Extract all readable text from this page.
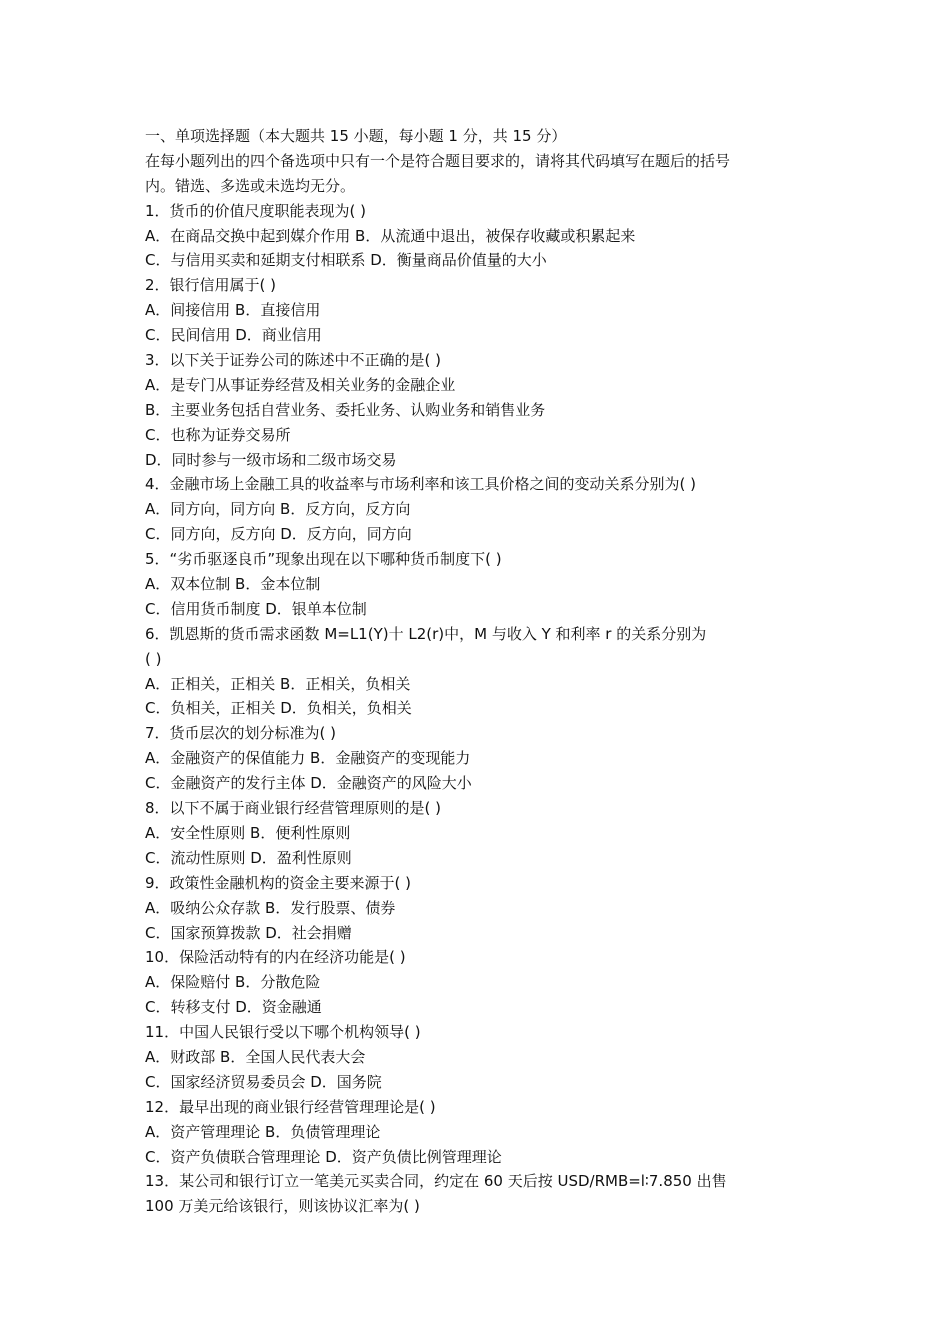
一、单项选择题（本大题共 15 小题，每小题 1 分，共 15 分）
在每小题列出的四个备选项中只有一个是符合题目要求的，请将其代码填写在题后的括号
内。错选、多选或未选均无分。
1．货币的价值尺度职能表现为( )
A．在商品交换中起到媒介作用 B．从流通中退出，被保存收藏或积累起来
C．与信用买卖和延期支付相联系 D．衡量商品价值量的大小
2．银行信用属于( )
A．间接信用 B．直接信用
C．民间信用 D．商业信用
3．以下关于证券公司的陈述中不正确的是( )
A．是专门从事证券经营及相关业务的金融企业
B．主要业务包括自营业务、委托业务、认购业务和销售业务
C．也称为证券交易所
D．同时参与一级市场和二级市场交易
4．金融市场上金融工具的收益率与市场利率和该工具价格之间的变动关系分别为( )
A．同方向，同方向 B．反方向，反方向
C．同方向，反方向 D．反方向，同方向
5．“劣币驱逐良币”现象出现在以下哪种货币制度下( )
A．双本位制 B．金本位制
C．信用货币制度 D．银单本位制
6．凯恩斯的货币需求函数 M=L1(Y)十 L2(r)中，M 与收入 Y 和利率 r 的关系分别为
( )
A．正相关，正相关 B．正相关，负相关
C．负相关，正相关 D．负相关，负相关
7．货币层次的划分标准为( )
A．金融资产的保值能力 B．金融资产的变现能力
C．金融资产的发行主体 D．金融资产的风险大小
8．以下不属于商业银行经营管理原则的是( )
A．安全性原则 B．便利性原则
C．流动性原则 D．盈利性原则
9．政策性金融机构的资金主要来源于( )
A．吸纳公众存款 B．发行股票、债券
C．国家预算拨款 D．社会捐赠
10．保险活动特有的内在经济功能是( )
A．保险赔付 B．分散危险
C．转移支付 D．资金融通
11．中国人民银行受以下哪个机构领导( )
A．财政部 B．全国人民代表大会
C．国家经济贸易委员会 D．国务院
12．最早出现的商业银行经营管理理论是( )
A．资产管理理论 B．负债管理理论
C．资产负债联合管理理论 D．资产负债比例管理理论
13．某公司和银行订立一笔美元买卖合同，约定在 60 天后按 USD/RMB=l∶7.850 出售
100 万美元给该银行，则该协议汇率为( )
